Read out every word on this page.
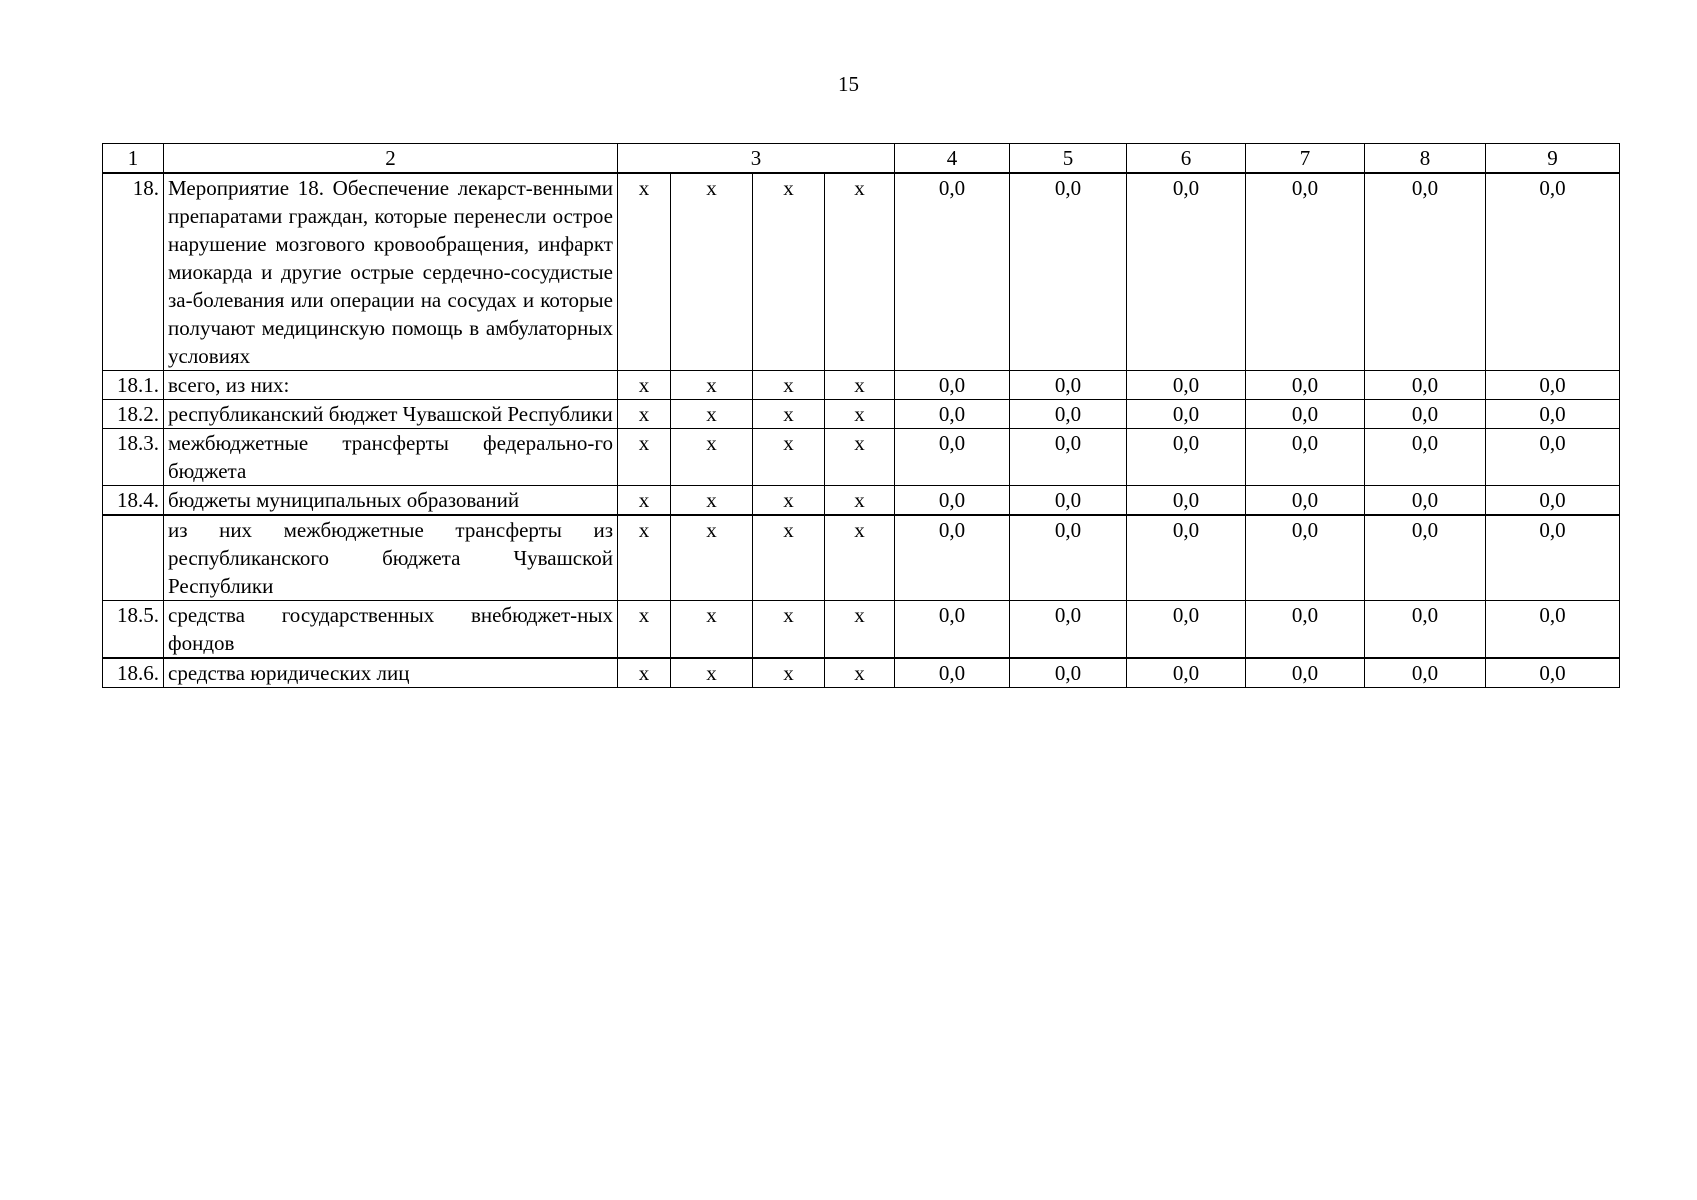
15
1	2	3				4	5	6	7	8	9
18.	Мероприятие 18. Обеспечение лекарст-венными препаратами граждан, которые перенесли острое нарушение мозгового кровообращения, инфаркт миокарда и другие острые сердечно-сосудистые за-болевания или операции на сосудах и которые получают медицинскую помощь в амбулаторных условиях	х	х	х	х	0,0	0,0	0,0	0,0	0,0	0,0
18.1.	всего, из них:	х	х	х	х	0,0	0,0	0,0	0,0	0,0	0,0
18.2.	республиканский бюджет Чувашской Республики	х	х	х	х	0,0	0,0	0,0	0,0	0,0	0,0
18.3.	межбюджетные трансферты федерально-го бюджета	х	х	х	х	0,0	0,0	0,0	0,0	0,0	0,0
18.4.	бюджеты муниципальных образований	х	х	х	х	0,0	0,0	0,0	0,0	0,0	0,0
	из них межбюджетные трансферты из республиканского бюджета Чувашской Республики	х	х	х	х	0,0	0,0	0,0	0,0	0,0	0,0
18.5.	средства государственных внебюджет-ных фондов	х	х	х	х	0,0	0,0	0,0	0,0	0,0	0,0
18.6.	средства юридических лиц	х	х	х	х	0,0	0,0	0,0	0,0	0,0	0,0
